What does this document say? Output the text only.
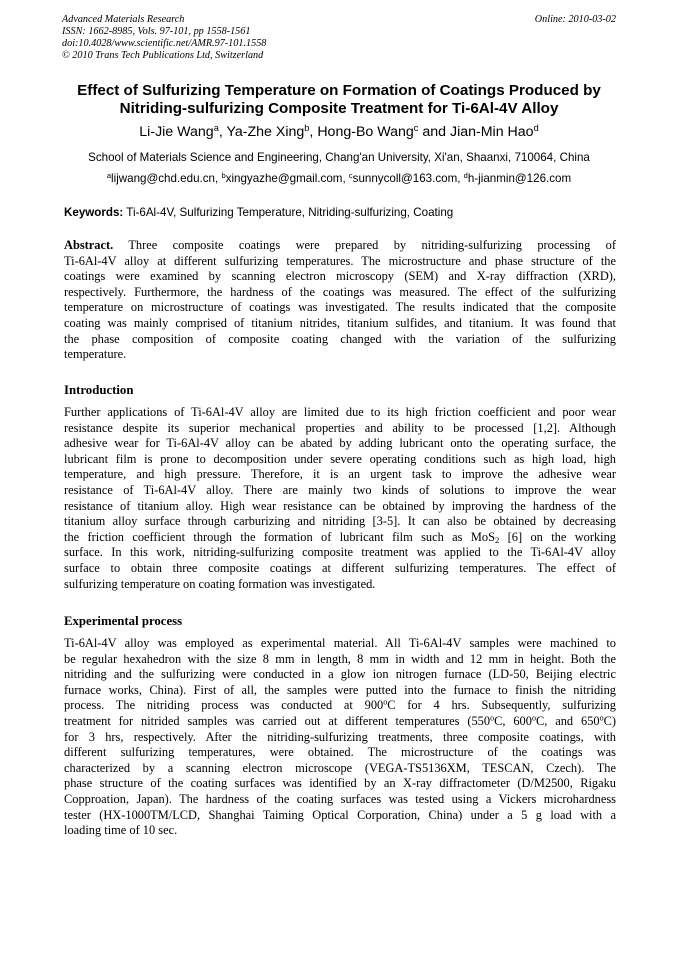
Advanced Materials Research
ISSN: 1662-8985, Vols. 97-101, pp 1558-1561
doi:10.4028/www.scientific.net/AMR.97-101.1558
© 2010 Trans Tech Publications Ltd, Switzerland
Online: 2010-03-02
Effect of Sulfurizing Temperature on Formation of Coatings Produced by
Nitriding-sulfurizing Composite Treatment for Ti-6Al-4V Alloy
Li-Jie Wang$^a$, Ya-Zhe Xing$^b$, Hong-Bo Wang$^c$ and Jian-Min Hao$^d$
School of Materials Science and Engineering, Chang'an University, Xi'an, Shaanxi, 710064, China
$^a$lijwang@chd.edu.cn, $^b$xingyazhe@gmail.com, $^c$sunnycoll@163.com, $^d$h-jianmin@126.com
Keywords: Ti-6Al-4V, Sulfurizing Temperature, Nitriding-sulfurizing, Coating
Abstract. Three composite coatings were prepared by nitriding-sulfurizing processing of
Ti-6Al-4V alloy at different sulfurizing temperatures. The microstructure and phase structure of the
coatings were examined by scanning electron microscopy (SEM) and X-ray diffraction (XRD),
respectively. Furthermore, the hardness of the coatings was measured. The effect of the sulfurizing
temperature on microstructure of coatings was investigated. The results indicated that the composite
coating was mainly comprised of titanium nitrides, titanium sulfides, and titanium. It was found that
the phase composition of composite coating changed with the variation of the sulfurizing
temperature.
Introduction
Further applications of Ti-6Al-4V alloy are limited due to its high friction coefficient and poor wear
resistance despite its superior mechanical properties and ability to be processed [1,2]. Although
adhesive wear for Ti-6Al-4V alloy can be abated by adding lubricant onto the operating surface, the
lubricant film is prone to decomposition under severe operating conditions such as high load, high
temperature, and high pressure. Therefore, it is an urgent task to improve the adhesive wear
resistance of Ti-6Al-4V alloy. There are mainly two kinds of solutions to improve the wear
resistance of titanium alloy. High wear resistance can be obtained by improving the hardness of the
titanium alloy surface through carburizing and nitriding [3-5]. It can also be obtained by decreasing
the friction coefficient through the formation of lubricant film such as MoS$_2$ [6] on the working
surface. In this work, nitriding-sulfurizing composite treatment was applied to the Ti-6Al-4V alloy
surface to obtain three composite coatings at different sulfurizing temperatures. The effect of
sulfurizing temperature on coating formation was investigated.
Experimental process
Ti-6Al-4V alloy was employed as experimental material. All Ti-6Al-4V samples were machined to
be regular hexahedron with the size 8 mm in length, 8 mm in width and 12 mm in height. Both the
nitriding and the sulfurizing were conducted in a glow ion nitrogen furnace (LD-50, Beijing electric
furnace works, China). First of all, the samples were putted into the furnace to finish the nitriding
process. The nitriding process was conducted at 900$^o$C for 4 hrs. Subsequently, sulfurizing
treatment for nitrided samples was carried out at different temperatures (550$^o$C, 600$^o$C, and 650$^o$C)
for 3 hrs, respectively. After the nitriding-sulfurizing treatments, three composite coatings, with
different sulfurizing temperatures, were obtained. The microstructure of the coatings was
characterized by a scanning electron microscope (VEGA-TS5136XM, TESCAN, Czech). The
phase structure of the coating surfaces was identified by an X-ray diffractometer (D/M2500, Rigaku
Copproation, Japan). The hardness of the coating surfaces was tested using a Vickers microhardness
tester (HX-1000TM/LCD, Shanghai Taiming Optical Corporation, China) under a 5 g load with a
loading time of 10 sec.
